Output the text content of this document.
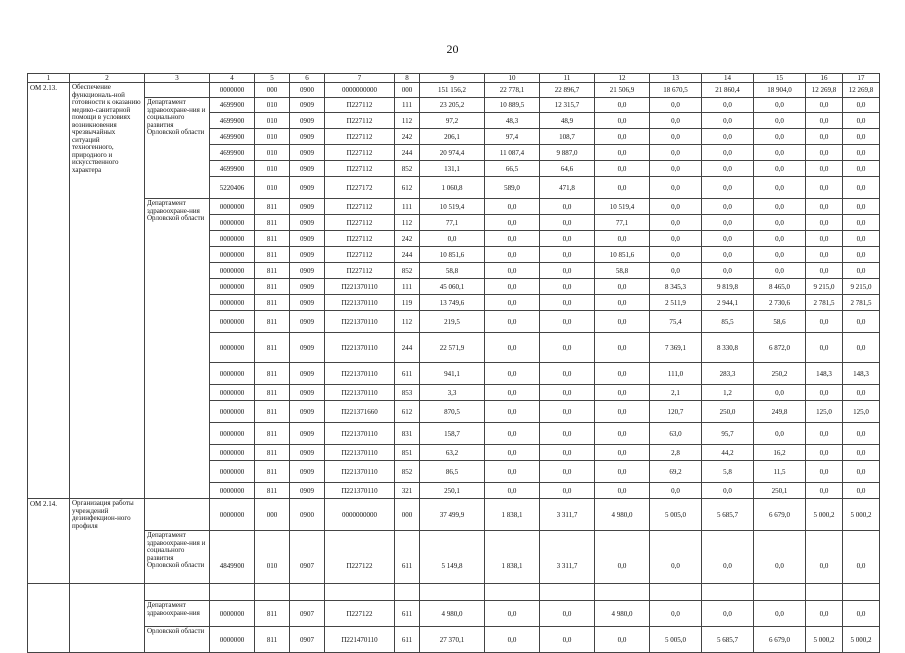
20
1	2	3	4	5	6	7	8	9	10	11	12	13	14	15	16	17
ОМ 2.13.	Обеспечение функциональ-ной готовности к оказанию медико-санитарной помощи в условиях возникновения чрезвычайных ситуаций техногенного, природного и искусственного характера		0000000	000	0900	0000000000	000	151 156,2	22 778,1	22 896,7	21 506,9	18 670,5	21 860,4	18 904,0	12 269,8	12 269,8
		Департамент здравоохране-ния и социального развития Орловской области	4699900	010	0909	П227112	111	23 205,2	10 889,5	12 315,7	0,0	0,0	0,0	0,0	0,0	0,0
			4699900	010	0909	П227112	112	97,2	48,3	48,9	0,0	0,0	0,0	0,0	0,0	0,0
			4699900	010	0909	П227112	242	206,1	97,4	108,7	0,0	0,0	0,0	0,0	0,0	0,0
			4699900	010	0909	П227112	244	20 974,4	11 087,4	9 887,0	0,0	0,0	0,0	0,0	0,0	0,0
			4699900	010	0909	П227112	852	131,1	66,5	64,6	0,0	0,0	0,0	0,0	0,0	0,0
			5220406	010	0909	П227172	612	1 060,8	589,0	471,8	0,0	0,0	0,0	0,0	0,0	0,0
		Департамент здравоохране-ния Орловской области	0000000	811	0909	П227112	111	10 519,4	0,0	0,0	10 519,4	0,0	0,0	0,0	0,0	0,0
			0000000	811	0909	П227112	112	77,1	0,0	0,0	77,1	0,0	0,0	0,0	0,0	0,0
			0000000	811	0909	П227112	242	0,0	0,0	0,0	0,0	0,0	0,0	0,0	0,0	0,0
			0000000	811	0909	П227112	244	10 851,6	0,0	0,0	10 851,6	0,0	0,0	0,0	0,0	0,0
			0000000	811	0909	П227112	852	58,8	0,0	0,0	58,8	0,0	0,0	0,0	0,0	0,0
			0000000	811	0909	П221370110	111	45 060,1	0,0	0,0	0,0	8 345,3	9 819,8	8 465,0	9 215,0	9 215,0
			0000000	811	0909	П221370110	119	13 749,6	0,0	0,0	0,0	2 511,9	2 944,1	2 730,6	2 781,5	2 781,5
			0000000	811	0909	П221370110	112	219,5	0,0	0,0	0,0	75,4	85,5	58,6	0,0	0,0
			0000000	811	0909	П221370110	244	22 571,9	0,0	0,0	0,0	7 369,1	8 330,8	6 872,0	0,0	0,0
			0000000	811	0909	П221370110	611	941,1	0,0	0,0	0,0	111,0	283,3	250,2	148,3	148,3
			0000000	811	0909	П221370110	853	3,3	0,0	0,0	0,0	2,1	1,2	0,0	0,0	0,0
			0000000	811	0909	П221371660	612	870,5	0,0	0,0	0,0	120,7	250,0	249,8	125,0	125,0
			0000000	811	0909	П221370110	831	158,7	0,0	0,0	0,0	63,0	95,7	0,0	0,0	0,0
			0000000	811	0909	П221370110	851	63,2	0,0	0,0	0,0	2,8	44,2	16,2	0,0	0,0
			0000000	811	0909	П221370110	852	86,5	0,0	0,0	0,0	69,2	5,8	11,5	0,0	0,0
			0000000	811	0909	П221370110	321	250,1	0,0	0,0	0,0	0,0	0,0	250,1	0,0	0,0
ОМ 2.14.	Организация работы учреждений дезинфекцион-ного профиля		0000000	000	0900	0000000000	000	37 499,9	1 838,1	3 311,7	4 980,0	5 005,0	5 685,7	6 679,0	5 000,2	5 000,2
		Департамент здравоохране-ния и социального развития Орловской области	4849900	010	0907	П227122	611	5 149,8	1 838,1	3 311,7	0,0	0,0	0,0	0,0	0,0	0,0
		Департамент здравоохране-ния	0000000	811	0907	П227122	611	4 980,0	0,0	0,0	4 980,0	0,0	0,0	0,0	0,0	0,0
		Орловской области	0000000	811	0907	П221470110	611	27 370,1	0,0	0,0	0,0	5 005,0	5 685,7	6 679,0	5 000,2	5 000,2
